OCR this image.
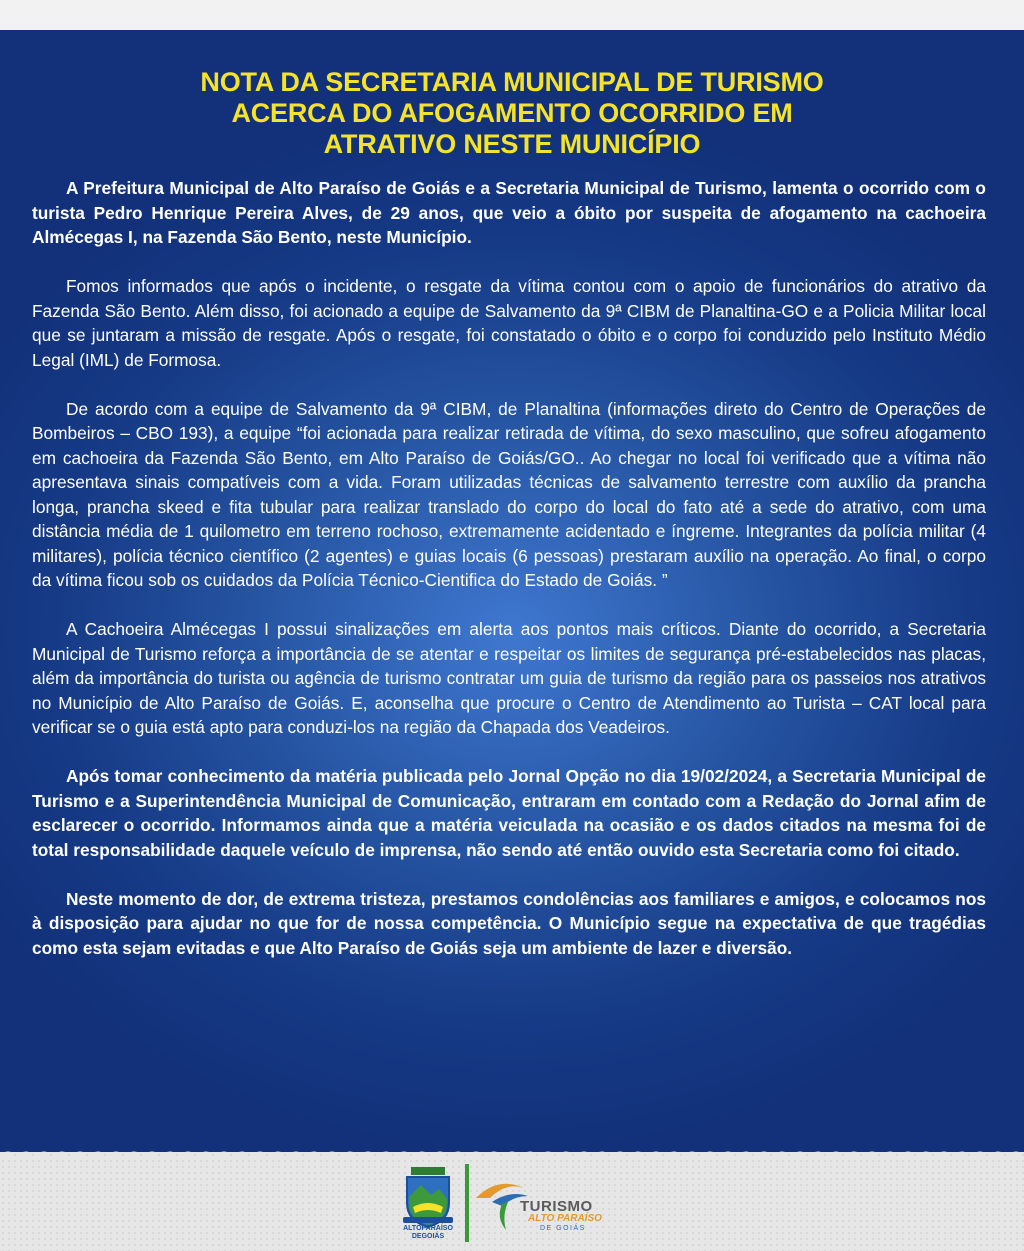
NOTA DA SECRETARIA MUNICIPAL DE TURISMO
ACERCA DO AFOGAMENTO OCORRIDO EM
ATRATIVO NESTE MUNICÍPIO

A Prefeitura Municipal de Alto Paraíso de Goiás e a Secretaria Municipal de Turismo, lamenta o ocorrido com o turista Pedro Henrique Pereira Alves, de 29 anos, que veio a óbito por suspeita de afogamento na cachoeira Almécegas I, na Fazenda São Bento, neste Município.

Fomos informados que após o incidente, o resgate da vítima contou com o apoio de funcionários do atrativo da Fazenda São Bento. Além disso, foi acionado a equipe de Salvamento da 9ª CIBM de Planaltina-GO e a Policia Militar local que se juntaram a missão de resgate. Após o resgate, foi constatado o óbito e o corpo foi conduzido pelo Instituto Médio Legal (IML) de Formosa.

De acordo com a equipe de Salvamento da 9ª CIBM, de Planaltina (informações direto do Centro de Operações de Bombeiros – CBO 193), a equipe “foi acionada para realizar retirada de vítima, do sexo masculino, que sofreu afogamento em cachoeira da Fazenda São Bento, em Alto Paraíso de Goiás/GO.. Ao chegar no local foi verificado que a vítima não apresentava sinais compatíveis com a vida. Foram utilizadas técnicas de salvamento terrestre com auxílio da prancha longa, prancha skeed e fita tubular para realizar translado do corpo do local do fato até a sede do atrativo, com uma distância média de 1 quilometro em terreno rochoso, extremamente acidentado e íngreme. Integrantes da polícia militar (4 militares), polícia técnico científico (2 agentes) e guias locais (6 pessoas) prestaram auxílio na operação. Ao final, o corpo da vítima ficou sob os cuidados da Polícia Técnico-Cientifica do Estado de Goiás. ”

A Cachoeira Almécegas I possui sinalizações em alerta aos pontos mais críticos. Diante do ocorrido, a Secretaria Municipal de Turismo reforça a importância de se atentar e respeitar os limites de segurança pré-estabelecidos nas placas, além da importância do turista ou agência de turismo contratar um guia de turismo da região para os passeios nos atrativos no Município de Alto Paraíso de Goiás. E, aconselha que procure o Centro de Atendimento ao Turista – CAT local para verificar se o guia está apto para conduzi-los na região da Chapada dos Veadeiros.

Após tomar conhecimento da matéria publicada pelo Jornal Opção no dia 19/02/2024, a Secretaria Municipal de Turismo e a Superintendência Municipal de Comunicação, entraram em contado com a Redação do Jornal afim de esclarecer o ocorrido. Informamos ainda que a matéria veiculada na ocasião e os dados citados na mesma foi de total responsabilidade daquele veículo de imprensa, não sendo até então ouvido esta Secretaria como foi citado.

Neste momento de dor, de extrema tristeza, prestamos condolências aos familiares e amigos, e colocamos nos à disposição para ajudar no que for de nossa competência. O Município segue na expectativa de que tragédias como esta sejam evitadas e que Alto Paraíso de Goiás seja um ambiente de lazer e diversão.

ALTOPARAÍSO
DEGOIÁS
TURISMO
ALTO PARAÍSO
DE GOIÁS
